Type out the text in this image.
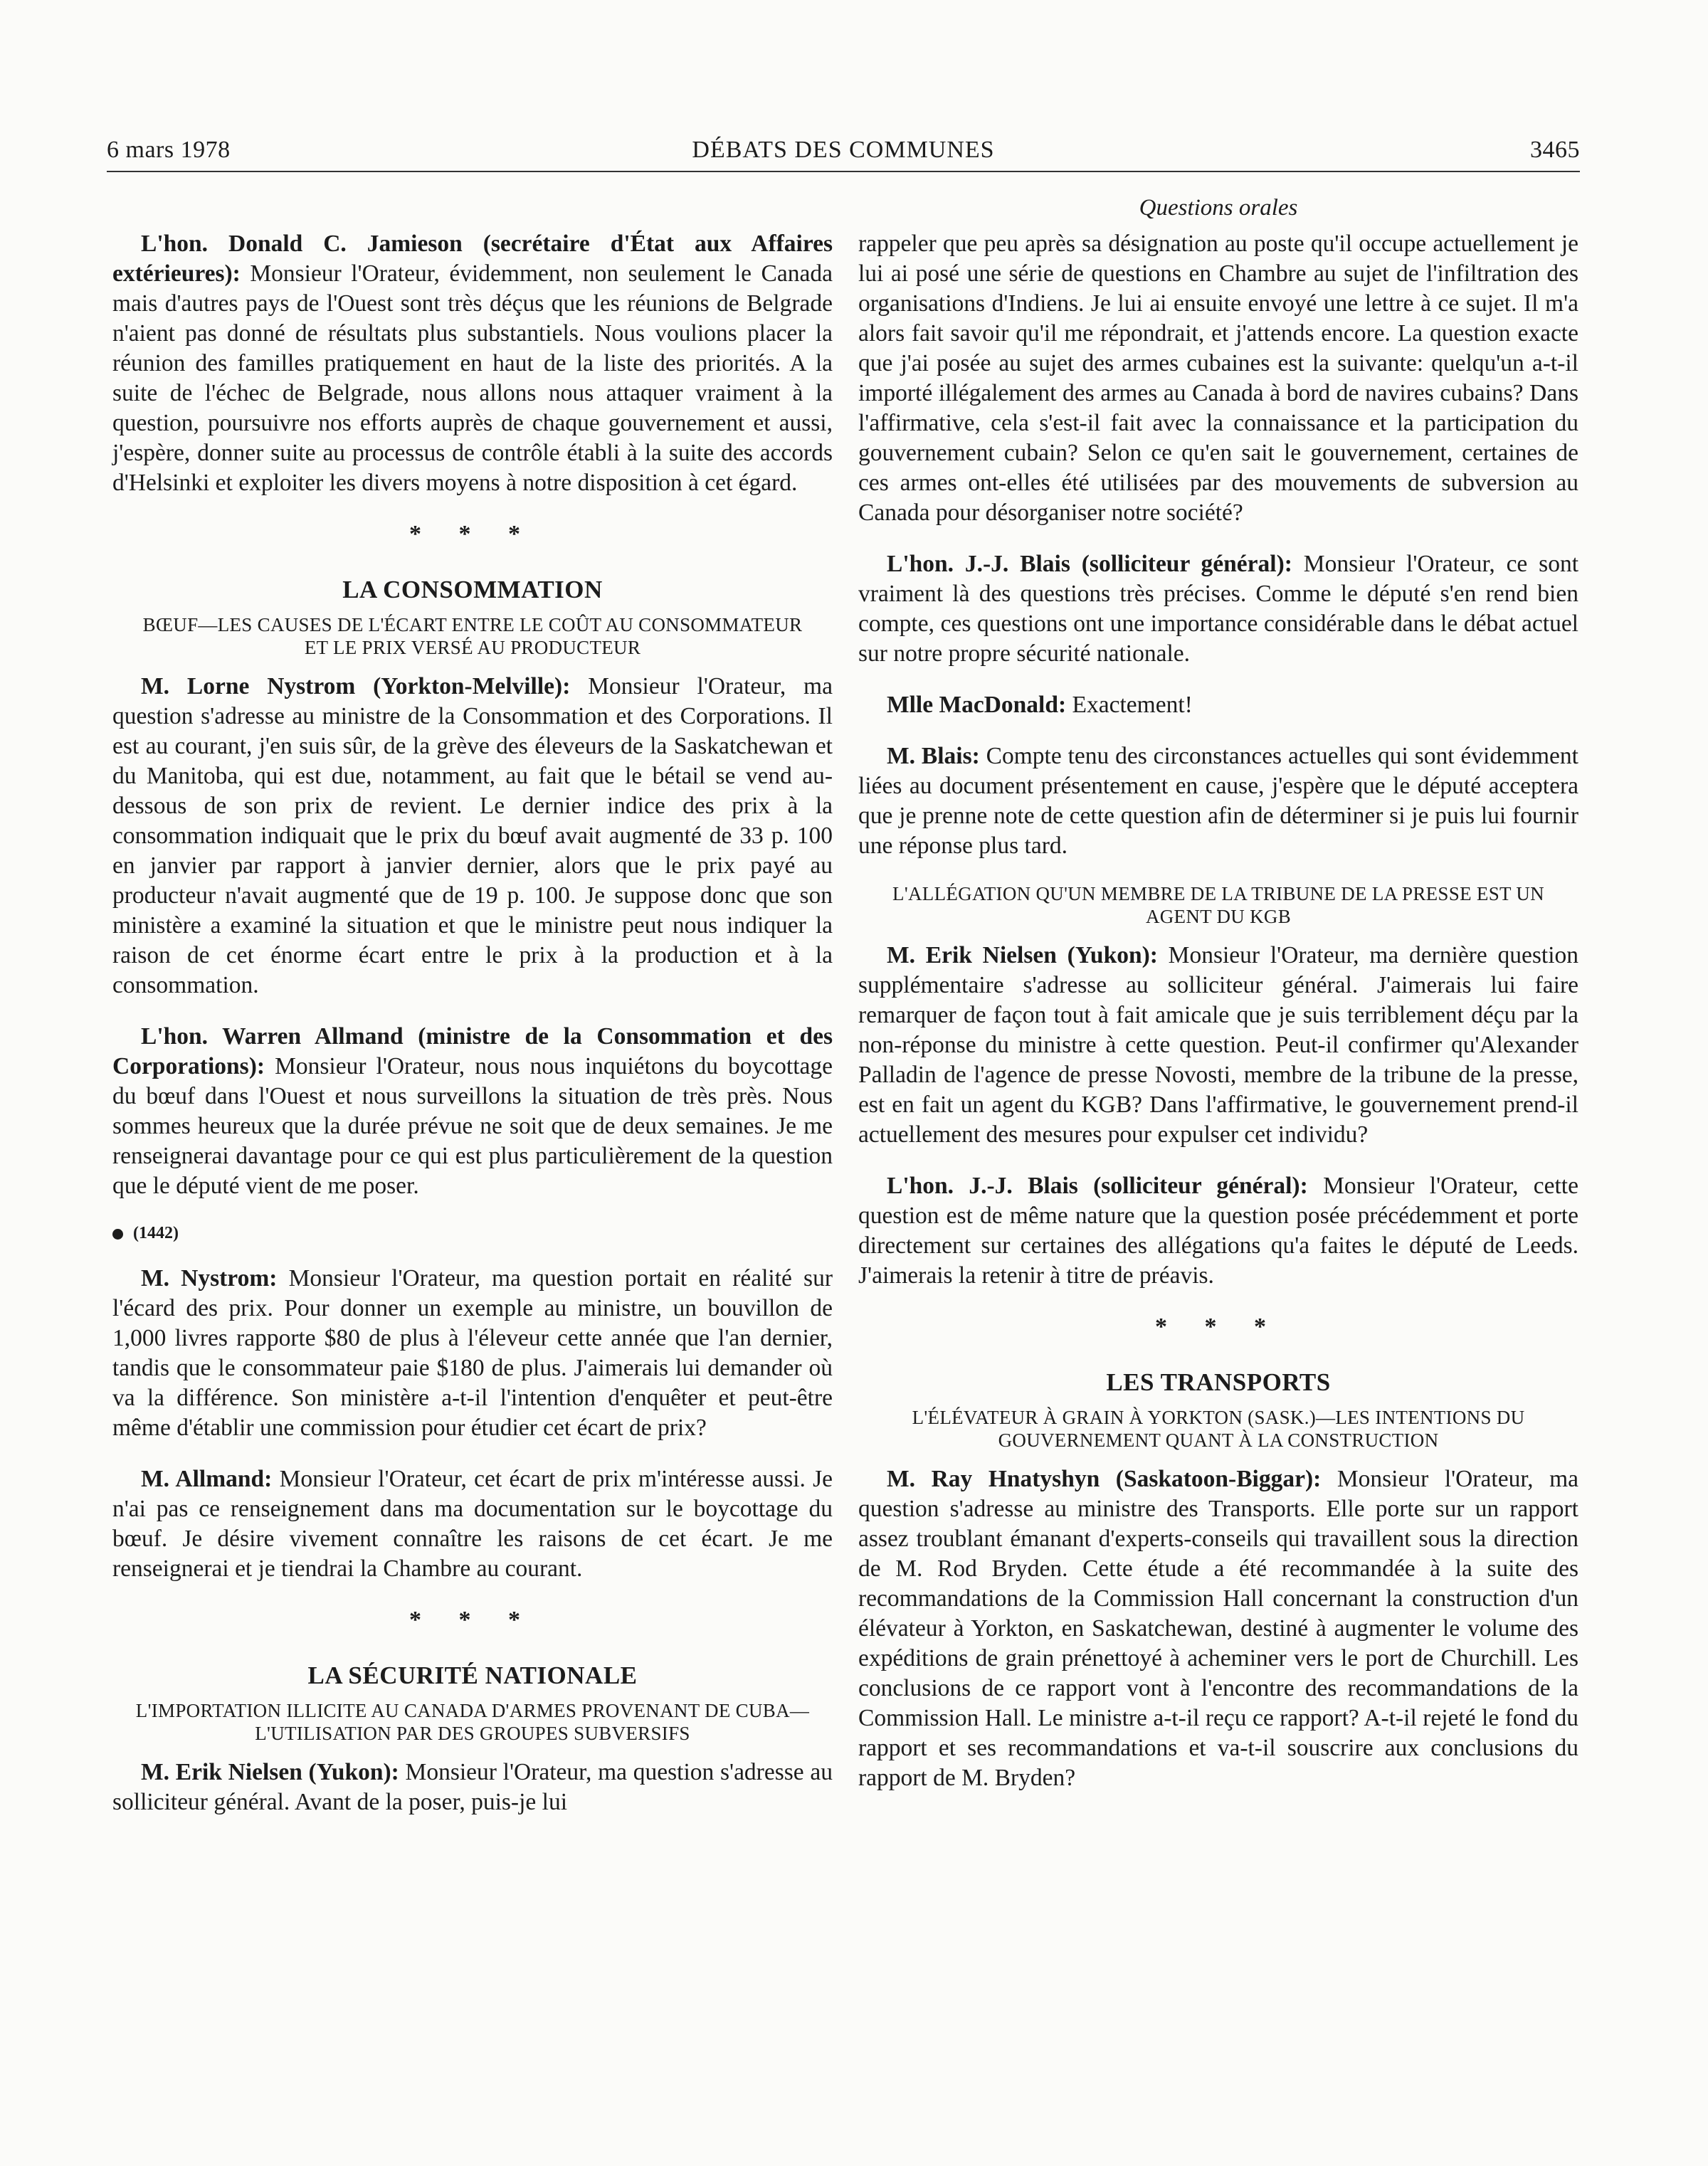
6 mars 1978	DÉBATS DES COMMUNES	3465
Questions orales

L'hon. Donald C. Jamieson (secrétaire d'État aux Affaires extérieures): Monsieur l'Orateur, évidemment, non seulement le Canada mais d'autres pays de l'Ouest sont très déçus que les réunions de Belgrade n'aient pas donné de résultats plus substantiels. Nous voulions placer la réunion des familles pratiquement en haut de la liste des priorités. A la suite de l'échec de Belgrade, nous allons nous attaquer vraiment à la question, poursuivre nos efforts auprès de chaque gouvernement et aussi, j'espère, donner suite au processus de contrôle établi à la suite des accords d'Helsinki et exploiter les divers moyens à notre disposition à cet égard.

* * *
LA CONSOMMATION
BŒUF—LES CAUSES DE L'ÉCART ENTRE LE COÛT AU CONSOMMATEUR ET LE PRIX VERSÉ AU PRODUCTEUR

M. Lorne Nystrom (Yorkton-Melville): Monsieur l'Orateur, ma question s'adresse au ministre de la Consommation et des Corporations. Il est au courant, j'en suis sûr, de la grève des éleveurs de la Saskatchewan et du Manitoba, qui est due, notamment, au fait que le bétail se vend au-dessous de son prix de revient. Le dernier indice des prix à la consommation indiquait que le prix du bœuf avait augmenté de 33 p. 100 en janvier par rapport à janvier dernier, alors que le prix payé au producteur n'avait augmenté que de 19 p. 100. Je suppose donc que son ministère a examiné la situation et que le ministre peut nous indiquer la raison de cet énorme écart entre le prix à la production et à la consommation.

L'hon. Warren Allmand (ministre de la Consommation et des Corporations): Monsieur l'Orateur, nous nous inquiétons du boycottage du bœuf dans l'Ouest et nous surveillons la situation de très près. Nous sommes heureux que la durée prévue ne soit que de deux semaines. Je me renseignerai davantage pour ce qui est plus particulièrement de la question que le député vient de me poser.

(1442)

M. Nystrom: Monsieur l'Orateur, ma question portait en réalité sur l'écard des prix. Pour donner un exemple au ministre, un bouvillon de 1,000 livres rapporte $80 de plus à l'éleveur cette année que l'an dernier, tandis que le consommateur paie $180 de plus. J'aimerais lui demander où va la différence. Son ministère a-t-il l'intention d'enquêter et peut-être même d'établir une commission pour étudier cet écart de prix?

M. Allmand: Monsieur l'Orateur, cet écart de prix m'intéresse aussi. Je n'ai pas ce renseignement dans ma documentation sur le boycottage du bœuf. Je désire vivement connaître les raisons de cet écart. Je me renseignerai et je tiendrai la Chambre au courant.

* * *
LA SÉCURITÉ NATIONALE
L'IMPORTATION ILLICITE AU CANADA D'ARMES PROVENANT DE CUBA—L'UTILISATION PAR DES GROUPES SUBVERSIFS

M. Erik Nielsen (Yukon): Monsieur l'Orateur, ma question s'adresse au solliciteur général. Avant de la poser, puis-je lui

rappeler que peu après sa désignation au poste qu'il occupe actuellement je lui ai posé une série de questions en Chambre au sujet de l'infiltration des organisations d'Indiens. Je lui ai ensuite envoyé une lettre à ce sujet. Il m'a alors fait savoir qu'il me répondrait, et j'attends encore. La question exacte que j'ai posée au sujet des armes cubaines est la suivante: quelqu'un a-t-il importé illégalement des armes au Canada à bord de navires cubains? Dans l'affirmative, cela s'est-il fait avec la connaissance et la participation du gouvernement cubain? Selon ce qu'en sait le gouvernement, certaines de ces armes ont-elles été utilisées par des mouvements de subversion au Canada pour désorganiser notre société?

L'hon. J.-J. Blais (solliciteur général): Monsieur l'Orateur, ce sont vraiment là des questions très précises. Comme le député s'en rend bien compte, ces questions ont une importance considérable dans le débat actuel sur notre propre sécurité nationale.

Mlle MacDonald: Exactement!

M. Blais: Compte tenu des circonstances actuelles qui sont évidemment liées au document présentement en cause, j'espère que le député acceptera que je prenne note de cette question afin de déterminer si je puis lui fournir une réponse plus tard.

L'ALLÉGATION QU'UN MEMBRE DE LA TRIBUNE DE LA PRESSE EST UN AGENT DU KGB

M. Erik Nielsen (Yukon): Monsieur l'Orateur, ma dernière question supplémentaire s'adresse au solliciteur général. J'aimerais lui faire remarquer de façon tout à fait amicale que je suis terriblement déçu par la non-réponse du ministre à cette question. Peut-il confirmer qu'Alexander Palladin de l'agence de presse Novosti, membre de la tribune de la presse, est en fait un agent du KGB? Dans l'affirmative, le gouvernement prend-il actuellement des mesures pour expulser cet individu?

L'hon. J.-J. Blais (solliciteur général): Monsieur l'Orateur, cette question est de même nature que la question posée précédemment et porte directement sur certaines des allégations qu'a faites le député de Leeds. J'aimerais la retenir à titre de préavis.

* * *
LES TRANSPORTS
L'ÉLÉVATEUR À GRAIN À YORKTON (SASK.)—LES INTENTIONS DU GOUVERNEMENT QUANT À LA CONSTRUCTION

M. Ray Hnatyshyn (Saskatoon-Biggar): Monsieur l'Orateur, ma question s'adresse au ministre des Transports. Elle porte sur un rapport assez troublant émanant d'experts-conseils qui travaillent sous la direction de M. Rod Bryden. Cette étude a été recommandée à la suite des recommandations de la Commission Hall concernant la construction d'un élévateur à Yorkton, en Saskatchewan, destiné à augmenter le volume des expéditions de grain prénettoyé à acheminer vers le port de Churchill. Les conclusions de ce rapport vont à l'encontre des recommandations de la Commission Hall. Le ministre a-t-il reçu ce rapport? A-t-il rejeté le fond du rapport et ses recommandations et va-t-il souscrire aux conclusions du rapport de M. Bryden?
